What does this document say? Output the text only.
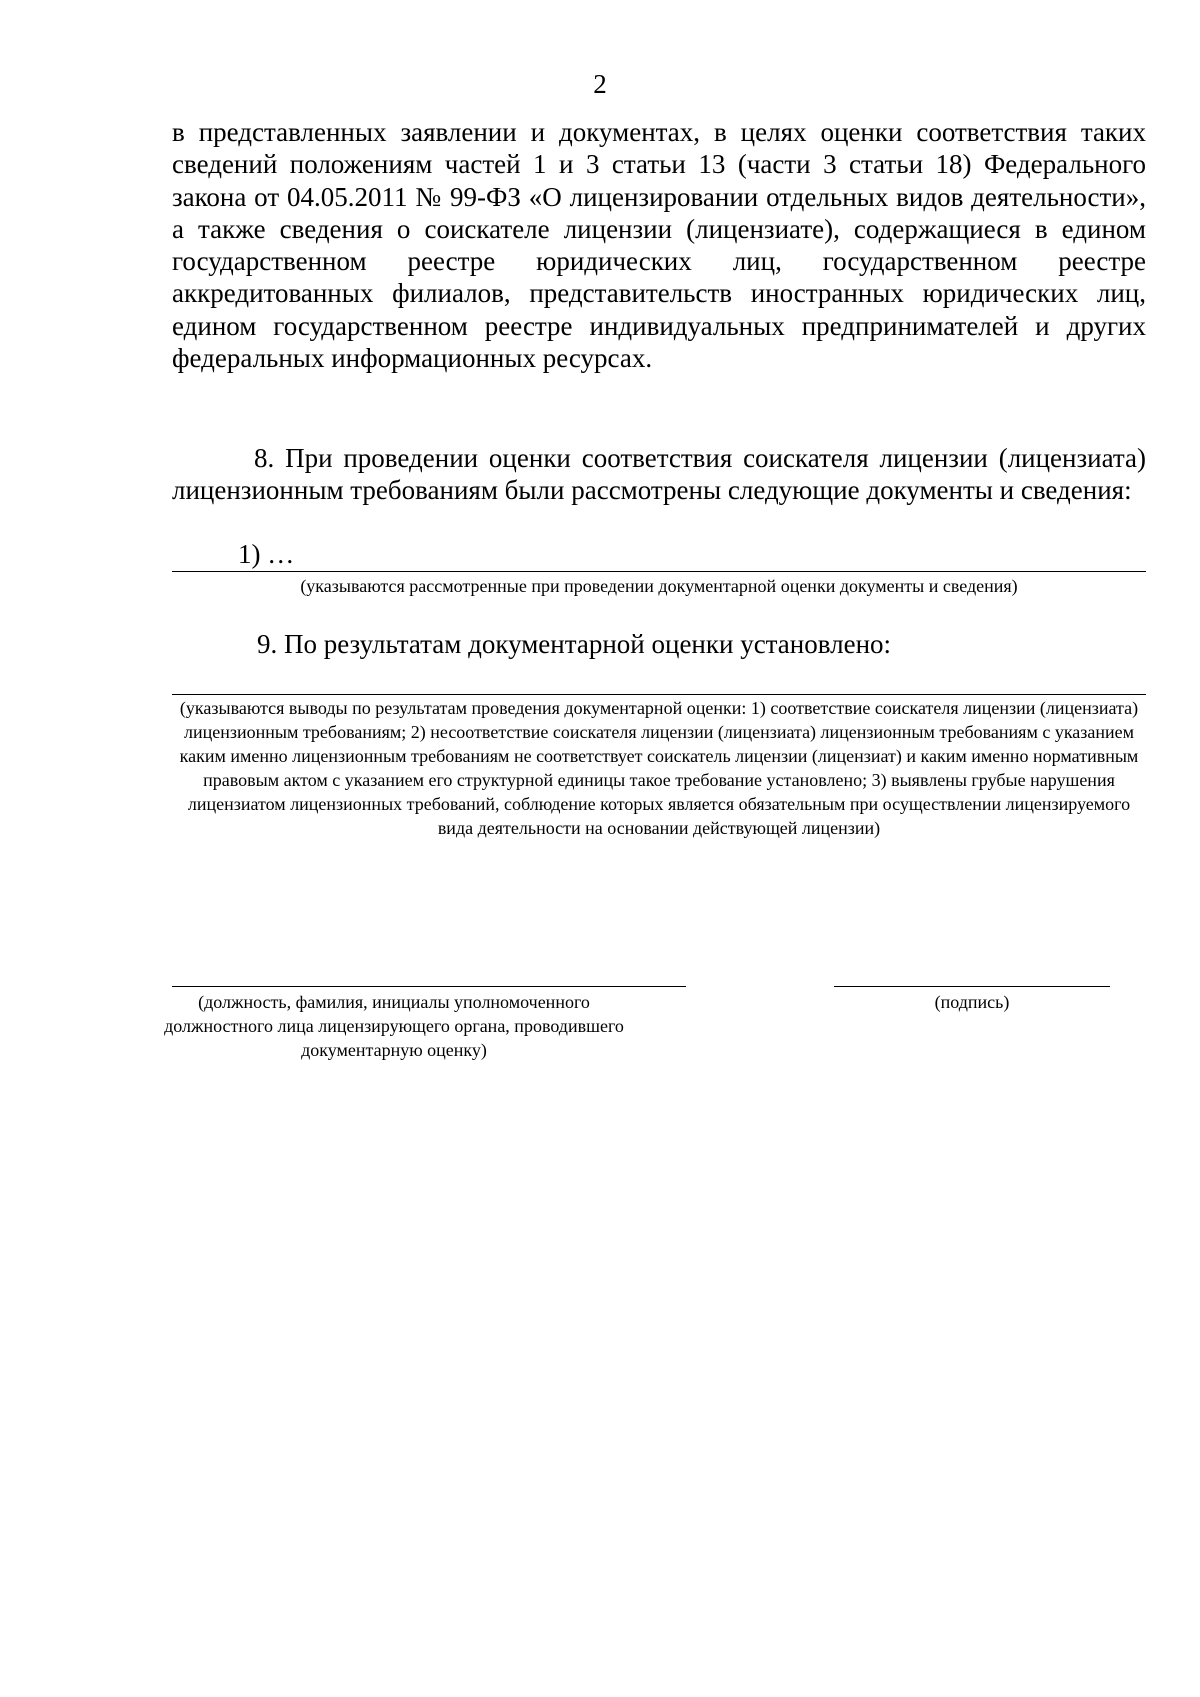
2

в представленных заявлении и документах, в целях оценки соответствия таких сведений положениям частей 1 и 3 статьи 13 (части 3 статьи 18) Федерального закона от 04.05.2011 № 99-ФЗ «О лицензировании отдельных видов деятельности», а также сведения о соискателе лицензии (лицензиате), содержащиеся в едином государственном реестре юридических лиц, государственном реестре аккредитованных филиалов, представительств иностранных юридических лиц, едином государственном реестре индивидуальных предпринимателей и других федеральных информационных ресурсах.

8. При проведении оценки соответствия соискателя лицензии (лицензиата) лицензионным требованиям были рассмотрены следующие документы и сведения:

1) …
(указываются рассмотренные при проведении документарной оценки документы и сведения)
9. По результатам документарной оценки установлено:
(указываются выводы по результатам проведения документарной оценки: 1) соответствие соискателя лицензии (лицензиата) лицензионным требованиям; 2) несоответствие соискателя лицензии (лицензиата) лицензионным требованиям с указанием каким именно лицензионным требованиям не соответствует соискатель лицензии (лицензиат) и каким именно нормативным правовым актом с указанием его структурной единицы такое требование установлено; 3) выявлены грубые нарушения лицензиатом лицензионных требований, соблюдение которых является обязательным при осуществлении лицензируемого вида деятельности на основании действующей лицензии)
(должность, фамилия, инициалы уполномоченного должностного лица лицензирующего органа, проводившего документарную оценку)
(подпись)
